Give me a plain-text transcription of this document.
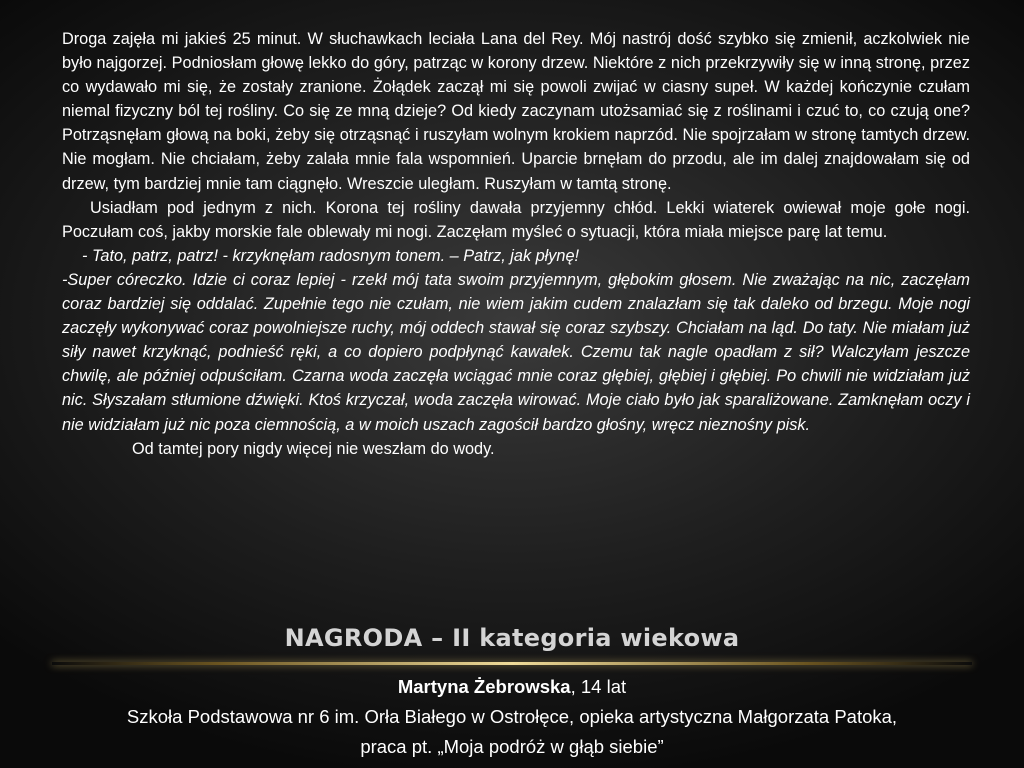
Droga zajęła mi jakieś 25 minut. W słuchawkach leciała Lana del Rey. Mój nastrój dość szybko się zmienił, aczkolwiek nie było najgorzej. Podniosłam głowę lekko do góry, patrząc w korony drzew. Niektóre z nich przekrzywiły się w inną stronę, przez co wydawało mi się, że zostały zranione. Żołądek zaczął mi się powoli zwijać w ciasny supeł. W każdej kończynie czułam niemal fizyczny ból tej rośliny. Co się ze mną dzieje? Od kiedy zaczynam utożsamiać się z roślinami i czuć to, co czują one? Potrząsnęłam głową na boki, żeby się otrząsnąć i ruszyłam wolnym krokiem naprzód. Nie spojrzałam w stronę tamtych drzew. Nie mogłam. Nie chciałam, żeby zalała mnie fala wspomnień. Uparcie brnęłam do przodu, ale im dalej znajdowałam się od drzew, tym bardziej mnie tam ciągnęło. Wreszcie uległam. Ruszyłam w tamtą stronę.

Usiadłam pod jednym z nich. Korona tej rośliny dawała przyjemny chłód. Lekki wiaterek owiewał moje gołe nogi. Poczułam coś, jakby morskie fale oblewały mi nogi. Zaczęłam myśleć o sytuacji, która miała miejsce parę lat temu.

- Tato, patrz, patrz! - krzyknęłam radosnym tonem. – Patrz, jak płynę!

-Super córeczko. Idzie ci coraz lepiej - rzekł mój tata swoim przyjemnym, głębokim głosem. Nie zważając na nic, zaczęłam coraz bardziej się oddalać. Zupełnie tego nie czułam, nie wiem jakim cudem znalazłam się tak daleko od brzegu. Moje nogi zaczęły wykonywać coraz powolniejsze ruchy, mój oddech stawał się coraz szybszy. Chciałam na ląd. Do taty. Nie miałam już siły nawet krzyknąć, podnieść ręki, a co dopiero podpłynąć kawałek. Czemu tak nagle opadłam z sił? Walczyłam jeszcze chwilę, ale później odpuściłam. Czarna woda zaczęła wciągać mnie coraz głębiej, głębiej i głębiej. Po chwili nie widziałam już nic. Słyszałam stłumione dźwięki. Ktoś krzyczał, woda zaczęła wirować. Moje ciało było jak sparaliżowane. Zamknęłam oczy i nie widziałam już nic poza ciemnością, a w moich uszach zagościł bardzo głośny, wręcz nieznośny pisk.

Od tamtej pory nigdy więcej nie weszłam do wody.

NAGRODA – II kategoria wiekowa
Martyna Żebrowska, 14 lat
Szkoła Podstawowa nr 6 im. Orła Białego w Ostrołęce, opieka artystyczna Małgorzata Patoka,
praca pt. „Moja podróż w głąb siebie”
